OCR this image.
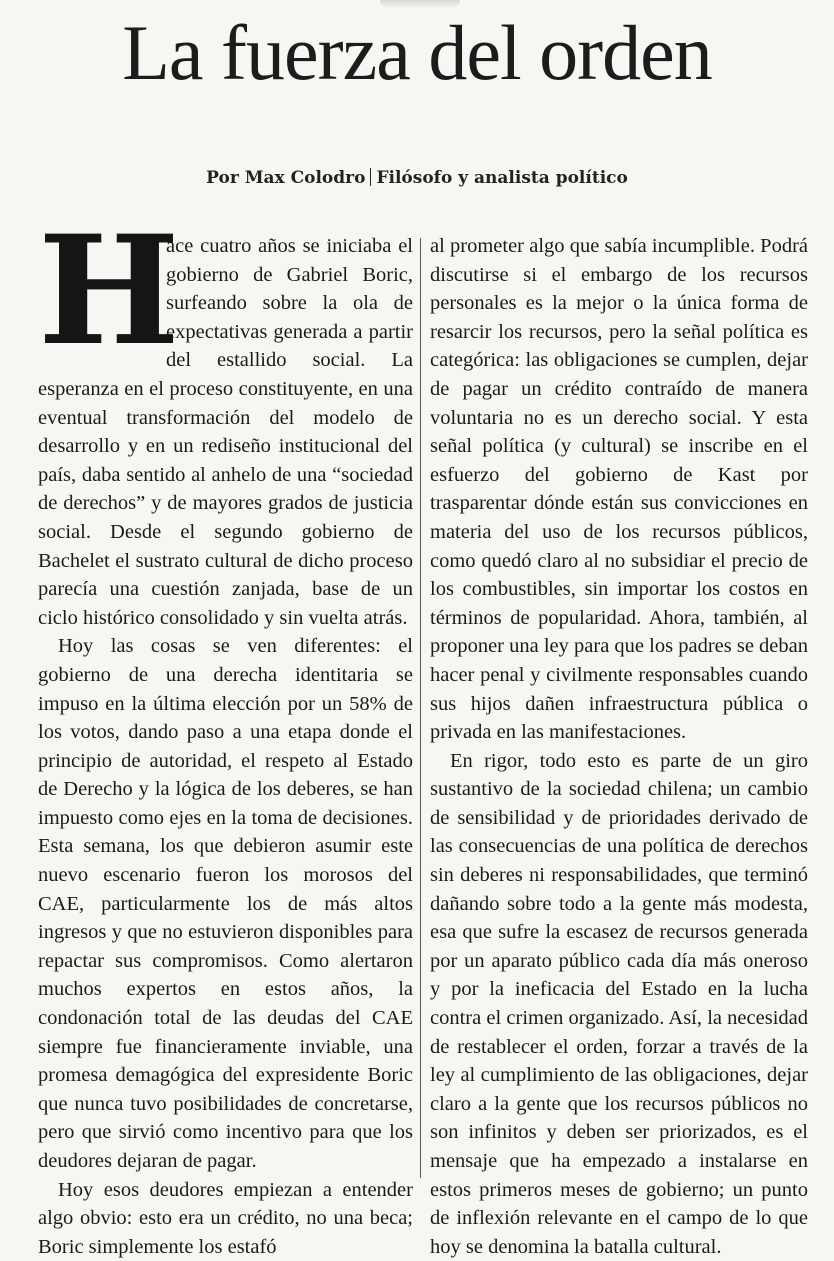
La fuerza del orden
Por Max Colodro Filósofo y analista político
H

ace cuatro años se iniciaba el gobierno de Gabriel Boric, surfeando sobre la ola de expectativas generada a partir del estallido social. La esperanza en el proceso constituyente, en una eventual transformación del modelo de desarrollo y en un rediseño institucional del país, daba sentido al anhelo de una “sociedad de derechos” y de mayores grados de justicia social. Desde el segundo gobierno de Bachelet el sustrato cultural de dicho proceso parecía una cuestión zanjada, base de un ciclo histórico consolidado y sin vuelta atrás.

Hoy las cosas se ven diferentes: el gobierno de una derecha identitaria se impuso en la última elección por un 58% de los votos, dando paso a una etapa donde el principio de autoridad, el respeto al Estado de Derecho y la lógica de los deberes, se han impuesto como ejes en la toma de decisiones. Esta semana, los que debieron asumir este nuevo escenario fueron los morosos del CAE, particularmente los de más altos ingresos y que no estuvieron disponibles para repactar sus compromisos. Como alertaron muchos expertos en estos años, la condonación total de las deudas del CAE siempre fue financieramente inviable, una promesa demagógica del expresidente Boric que nunca tuvo posibilidades de concretarse, pero que sirvió como incentivo para que los deudores dejaran de pagar.

Hoy esos deudores empiezan a entender algo obvio: esto era un crédito, no una beca; Boric simplemente los estafó

al prometer algo que sabía incumplible. Podrá discutirse si el embargo de los recursos personales es la mejor o la única forma de resarcir los recursos, pero la señal política es categórica: las obligaciones se cumplen, dejar de pagar un crédito contraído de manera voluntaria no es un derecho social. Y esta señal política (y cultural) se inscribe en el esfuerzo del gobierno de Kast por trasparentar dónde están sus convicciones en materia del uso de los recursos públicos, como quedó claro al no subsidiar el precio de los combustibles, sin importar los costos en términos de popularidad. Ahora, también, al proponer una ley para que los padres se deban hacer penal y civilmente responsables cuando sus hijos dañen infraestructura pública o privada en las manifestaciones.

En rigor, todo esto es parte de un giro sustantivo de la sociedad chilena; un cambio de sensibilidad y de prioridades derivado de las consecuencias de una política de derechos sin deberes ni responsabilidades, que terminó dañando sobre todo a la gente más modesta, esa que sufre la escasez de recursos generada por un aparato público cada día más oneroso y por la ineficacia del Estado en la lucha contra el crimen organizado. Así, la necesidad de restablecer el orden, forzar a través de la ley al cumplimiento de las obligaciones, dejar claro a la gente que los recursos públicos no son infinitos y deben ser priorizados, es el mensaje que ha empezado a instalarse en estos primeros meses de gobierno; un punto de inflexión relevante en el campo de lo que hoy se denomina la batalla cultural.
